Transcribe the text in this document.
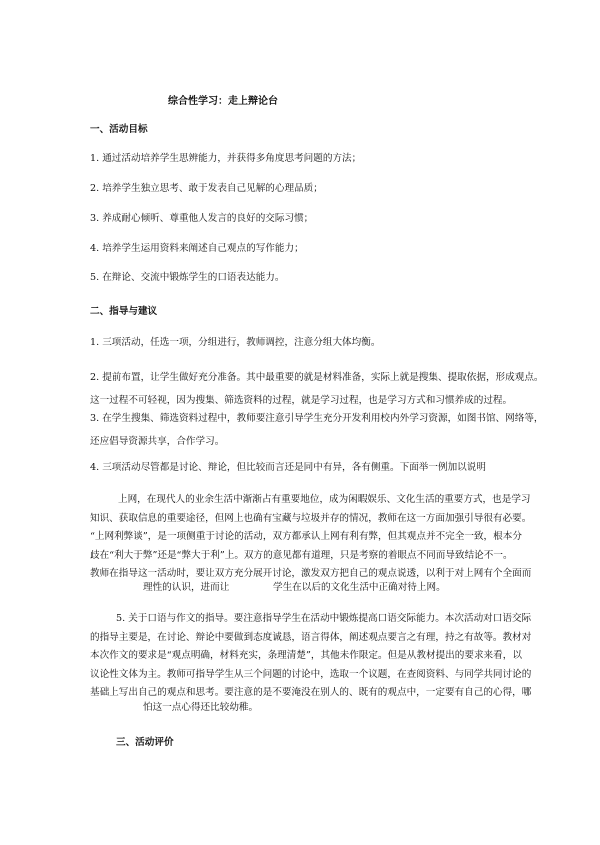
综合性学习：走上辩论台
一、活动目标
1. 通过活动培养学生思辨能力，并获得多角度思考问题的方法；
2. 培养学生独立思考、敢于发表自己见解的心理品质；
3. 养成耐心倾听、尊重他人发言的良好的交际习惯；
4. 培养学生运用资料来阐述自己观点的写作能力；
5. 在辩论、交流中锻炼学生的口语表达能力。
二、指导与建议
1. 三项活动，任选一项，分组进行，教师调控，注意分组大体均衡。
2. 提前布置，让学生做好充分准备。其中最重要的就是材料准备，实际上就是搜集、提取依据，形成观点。
这一过程不可轻视，因为搜集、筛选资料的过程，就是学习过程，也是学习方式和习惯养成的过程。
3. 在学生搜集、筛选资料过程中，教师要注意引导学生充分开发利用校内外学习资源，如图书馆、网络等，
还应倡导资源共享，合作学习。
4. 三项活动尽管都是讨论、辩论，但比较而言还是同中有异，各有侧重。下面举一例加以说明
上网，在现代人的业余生活中渐渐占有重要地位，成为闲暇娱乐、文化生活的重要方式，也是学习
知识、获取信息的重要途径，但网上也确有宝藏与垃圾并存的情况，教师在这一方面加强引导很有必要。
“上网利弊谈”，是一项侧重于讨论的活动，双方都承认上网有利有弊，但其观点并不完全一致，根本分
歧在“利大于弊”还是“弊大于利”上。双方的意见都有道理，只是考察的着眼点不同而导致结论不一。
教师在指导这一活动时，要让双方充分展开讨论，激发双方把自己的观点说透，以利于对上网有个全面而
理性的认识，进而让	学生在以后的文化生活中正确对待上网。
5. 关于口语与作文的指导。要注意指导学生在活动中锻炼提高口语交际能力。本次活动对口语交际
的指导主要是，在讨论、辩论中要做到态度诚恳，语言得体，阐述观点要言之有理，持之有故等。教材对
本次作文的要求是“观点明确，材料充实，条理清楚”，其他未作限定。但是从教材提出的要求来看，以
议论性文体为主。教师可指导学生从三个问题的讨论中，选取一个议题，在查阅资料、与同学共同讨论的
基础上写出自己的观点和思考。要注意的是不要淹没在别人的、既有的观点中，一定要有自己的心得，哪
怕这一点心得还比较幼稚。
三、活动评价
